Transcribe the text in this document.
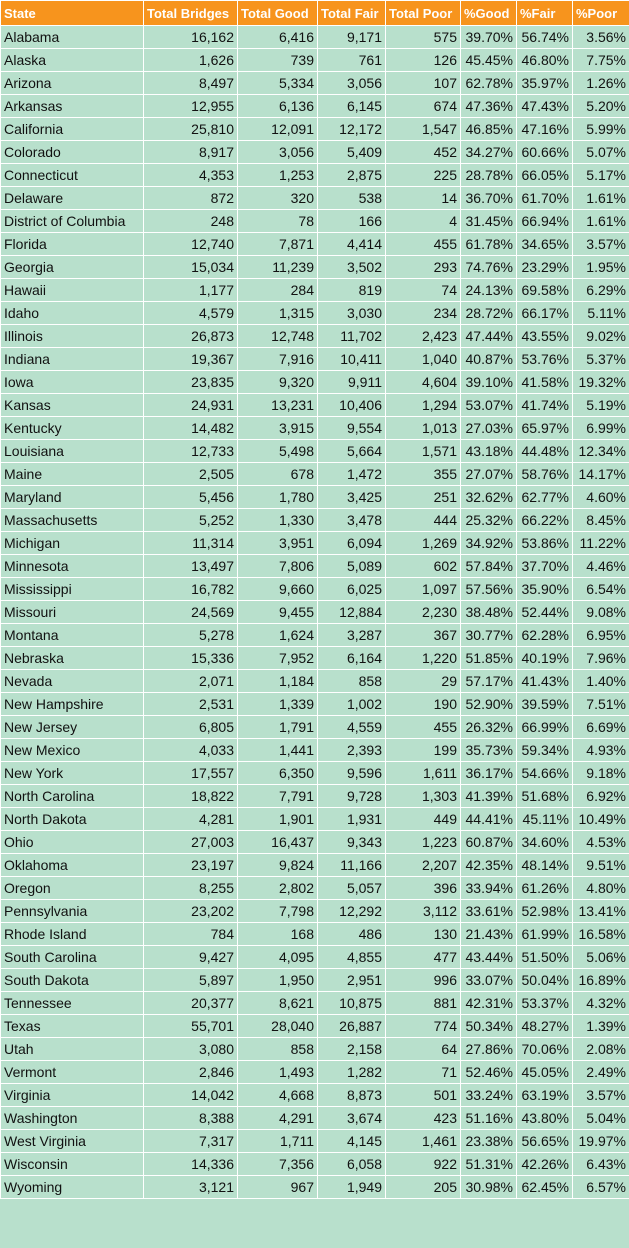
State	Total Bridges	Total Good	Total Fair	Total Poor	%Good	%Fair	%Poor
Alabama	16,162	6,416	9,171	575	39.70%	56.74%	3.56%
Alaska	1,626	739	761	126	45.45%	46.80%	7.75%
Arizona	8,497	5,334	3,056	107	62.78%	35.97%	1.26%
Arkansas	12,955	6,136	6,145	674	47.36%	47.43%	5.20%
California	25,810	12,091	12,172	1,547	46.85%	47.16%	5.99%
Colorado	8,917	3,056	5,409	452	34.27%	60.66%	5.07%
Connecticut	4,353	1,253	2,875	225	28.78%	66.05%	5.17%
Delaware	872	320	538	14	36.70%	61.70%	1.61%
District of Columbia	248	78	166	4	31.45%	66.94%	1.61%
Florida	12,740	7,871	4,414	455	61.78%	34.65%	3.57%
Georgia	15,034	11,239	3,502	293	74.76%	23.29%	1.95%
Hawaii	1,177	284	819	74	24.13%	69.58%	6.29%
Idaho	4,579	1,315	3,030	234	28.72%	66.17%	5.11%
Illinois	26,873	12,748	11,702	2,423	47.44%	43.55%	9.02%
Indiana	19,367	7,916	10,411	1,040	40.87%	53.76%	5.37%
Iowa	23,835	9,320	9,911	4,604	39.10%	41.58%	19.32%
Kansas	24,931	13,231	10,406	1,294	53.07%	41.74%	5.19%
Kentucky	14,482	3,915	9,554	1,013	27.03%	65.97%	6.99%
Louisiana	12,733	5,498	5,664	1,571	43.18%	44.48%	12.34%
Maine	2,505	678	1,472	355	27.07%	58.76%	14.17%
Maryland	5,456	1,780	3,425	251	32.62%	62.77%	4.60%
Massachusetts	5,252	1,330	3,478	444	25.32%	66.22%	8.45%
Michigan	11,314	3,951	6,094	1,269	34.92%	53.86%	11.22%
Minnesota	13,497	7,806	5,089	602	57.84%	37.70%	4.46%
Mississippi	16,782	9,660	6,025	1,097	57.56%	35.90%	6.54%
Missouri	24,569	9,455	12,884	2,230	38.48%	52.44%	9.08%
Montana	5,278	1,624	3,287	367	30.77%	62.28%	6.95%
Nebraska	15,336	7,952	6,164	1,220	51.85%	40.19%	7.96%
Nevada	2,071	1,184	858	29	57.17%	41.43%	1.40%
New Hampshire	2,531	1,339	1,002	190	52.90%	39.59%	7.51%
New Jersey	6,805	1,791	4,559	455	26.32%	66.99%	6.69%
New Mexico	4,033	1,441	2,393	199	35.73%	59.34%	4.93%
New York	17,557	6,350	9,596	1,611	36.17%	54.66%	9.18%
North Carolina	18,822	7,791	9,728	1,303	41.39%	51.68%	6.92%
North Dakota	4,281	1,901	1,931	449	44.41%	45.11%	10.49%
Ohio	27,003	16,437	9,343	1,223	60.87%	34.60%	4.53%
Oklahoma	23,197	9,824	11,166	2,207	42.35%	48.14%	9.51%
Oregon	8,255	2,802	5,057	396	33.94%	61.26%	4.80%
Pennsylvania	23,202	7,798	12,292	3,112	33.61%	52.98%	13.41%
Rhode Island	784	168	486	130	21.43%	61.99%	16.58%
South Carolina	9,427	4,095	4,855	477	43.44%	51.50%	5.06%
South Dakota	5,897	1,950	2,951	996	33.07%	50.04%	16.89%
Tennessee	20,377	8,621	10,875	881	42.31%	53.37%	4.32%
Texas	55,701	28,040	26,887	774	50.34%	48.27%	1.39%
Utah	3,080	858	2,158	64	27.86%	70.06%	2.08%
Vermont	2,846	1,493	1,282	71	52.46%	45.05%	2.49%
Virginia	14,042	4,668	8,873	501	33.24%	63.19%	3.57%
Washington	8,388	4,291	3,674	423	51.16%	43.80%	5.04%
West Virginia	7,317	1,711	4,145	1,461	23.38%	56.65%	19.97%
Wisconsin	14,336	7,356	6,058	922	51.31%	42.26%	6.43%
Wyoming	3,121	967	1,949	205	30.98%	62.45%	6.57%
